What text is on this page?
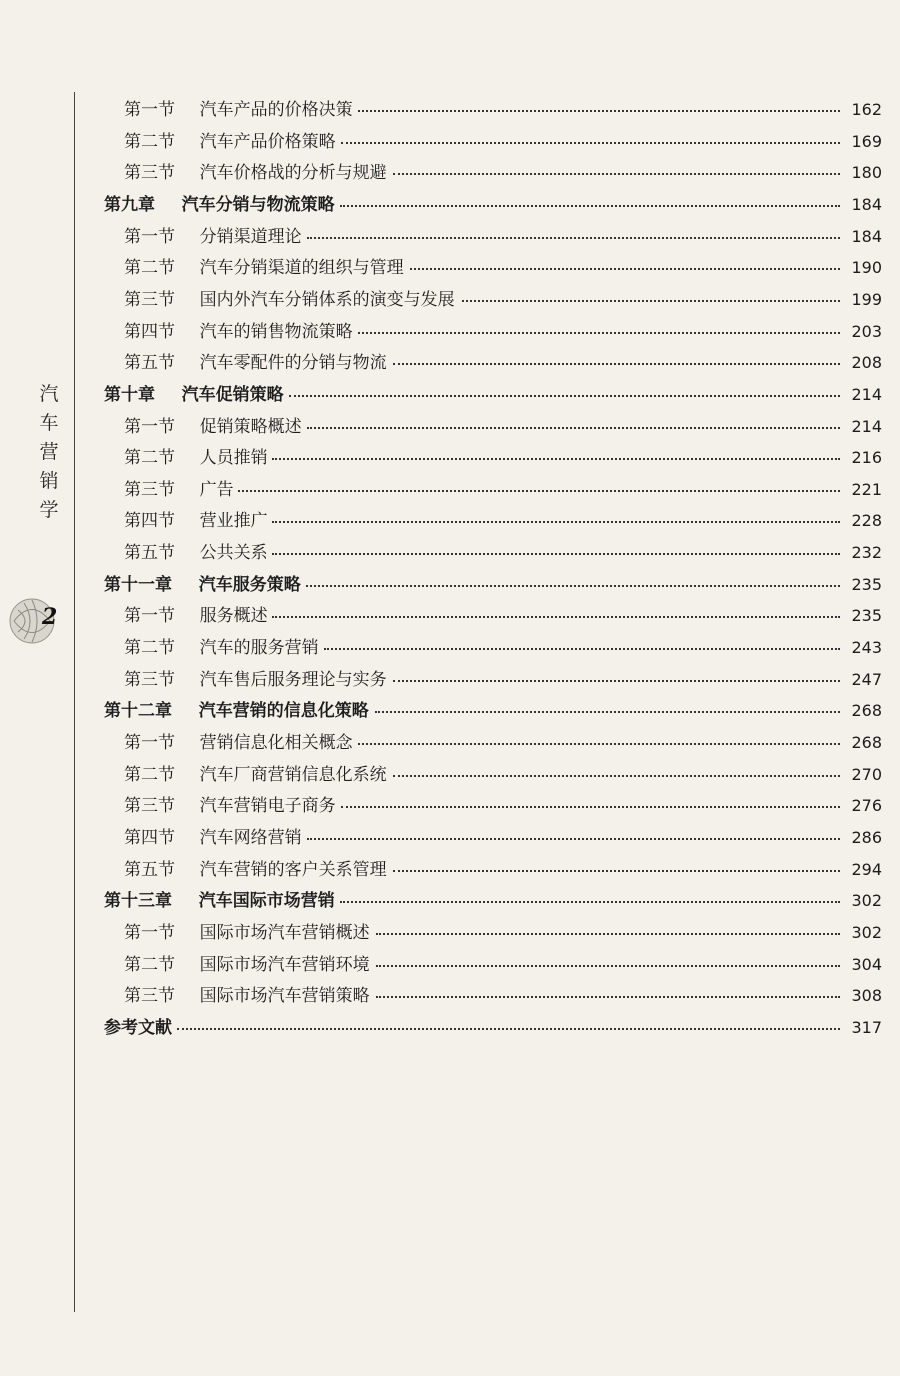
汽
车
营
销
学
2
第一节 汽车产品的价格决策	162
第二节 汽车产品价格策略	169
第三节 汽车价格战的分析与规避	180
第九章 汽车分销与物流策略	184
第一节 分销渠道理论	184
第二节 汽车分销渠道的组织与管理	190
第三节 国内外汽车分销体系的演变与发展	199
第四节 汽车的销售物流策略	203
第五节 汽车零配件的分销与物流	208
第十章 汽车促销策略	214
第一节 促销策略概述	214
第二节 人员推销	216
第三节 广告	221
第四节 营业推广	228
第五节 公共关系	232
第十一章 汽车服务策略	235
第一节 服务概述	235
第二节 汽车的服务营销	243
第三节 汽车售后服务理论与实务	247
第十二章 汽车营销的信息化策略	268
第一节 营销信息化相关概念	268
第二节 汽车厂商营销信息化系统	270
第三节 汽车营销电子商务	276
第四节 汽车网络营销	286
第五节 汽车营销的客户关系管理	294
第十三章 汽车国际市场营销	302
第一节 国际市场汽车营销概述	302
第二节 国际市场汽车营销环境	304
第三节 国际市场汽车营销策略	308
参考文献	317
